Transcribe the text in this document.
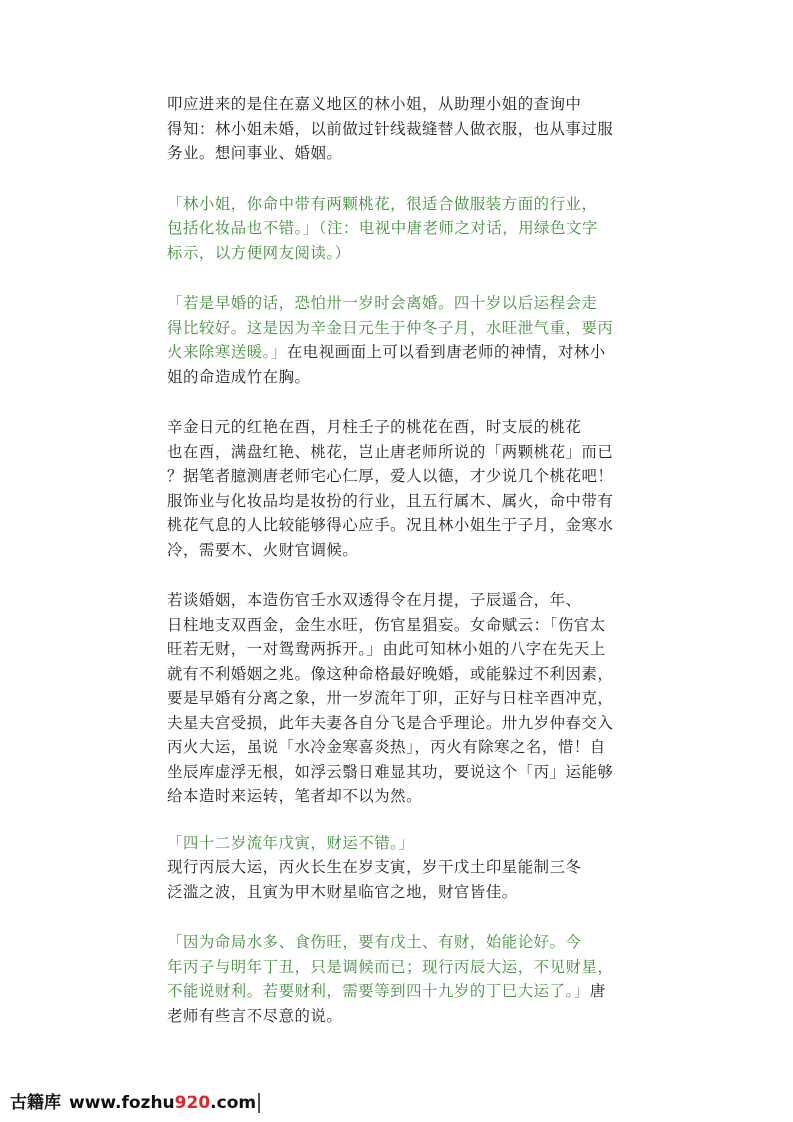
叩应进来的是住在嘉义地区的林小姐，从助理小姐的查询中
得知：林小姐未婚，以前做过针线裁缝替人做衣服，也从事过服
务业。想问事业、婚姻。
「林小姐，你命中带有两颗桃花，很适合做服装方面的行业，
包括化妆品也不错。」（注：电视中唐老师之对话，用绿色文字
标示，以方便网友阅读。）
「若是早婚的话，恐怕卅一岁时会离婚。四十岁以后运程会走
得比较好。这是因为辛金日元生于仲冬子月，水旺泄气重，要丙
火来除寒送暖。」在电视画面上可以看到唐老师的神情，对林小
姐的命造成竹在胸。
辛金日元的红艳在酉，月柱壬子的桃花在酉，时支辰的桃花
也在酉，满盘红艳、桃花，岂止唐老师所说的「两颗桃花」而已
？据笔者臆测唐老师宅心仁厚，爱人以德，才少说几个桃花吧！
服饰业与化妆品均是妆扮的行业，且五行属木、属火，命中带有
桃花气息的人比较能够得心应手。况且林小姐生于子月，金寒水
冷，需要木、火财官调候。
若谈婚姻，本造伤官壬水双透得令在月提，子辰遥合，年、
日柱地支双酉金，金生水旺，伤官星猖妄。女命赋云：「伤官太
旺若无财，一对鸳鸯两拆开。」由此可知林小姐的八字在先天上
就有不利婚姻之兆。像这种命格最好晚婚，或能躲过不利因素，
要是早婚有分离之象，卅一岁流年丁卯，正好与日柱辛酉冲克，
夫星夫宫受损，此年夫妻各自分飞是合乎理论。卅九岁仲春交入
丙火大运，虽说「水冷金寒喜炎热」，丙火有除寒之名，惜！自
坐辰库虚浮无根，如浮云翳日难显其功，要说这个「丙」运能够
给本造时来运转，笔者却不以为然。
「四十二岁流年戊寅，财运不错。」
现行丙辰大运，丙火长生在岁支寅，岁干戊土印星能制三冬
泛滥之波，且寅为甲木财星临官之地，财官皆佳。
「因为命局水多、食伤旺，要有戊土、有财，始能论好。今
年丙子与明年丁丑，只是调候而已；现行丙辰大运，不见财星，
不能说财利。若要财利，需要等到四十九岁的丁巳大运了。」唐
老师有些言不尽意的说。
古籍库 www.fozhu920.com
